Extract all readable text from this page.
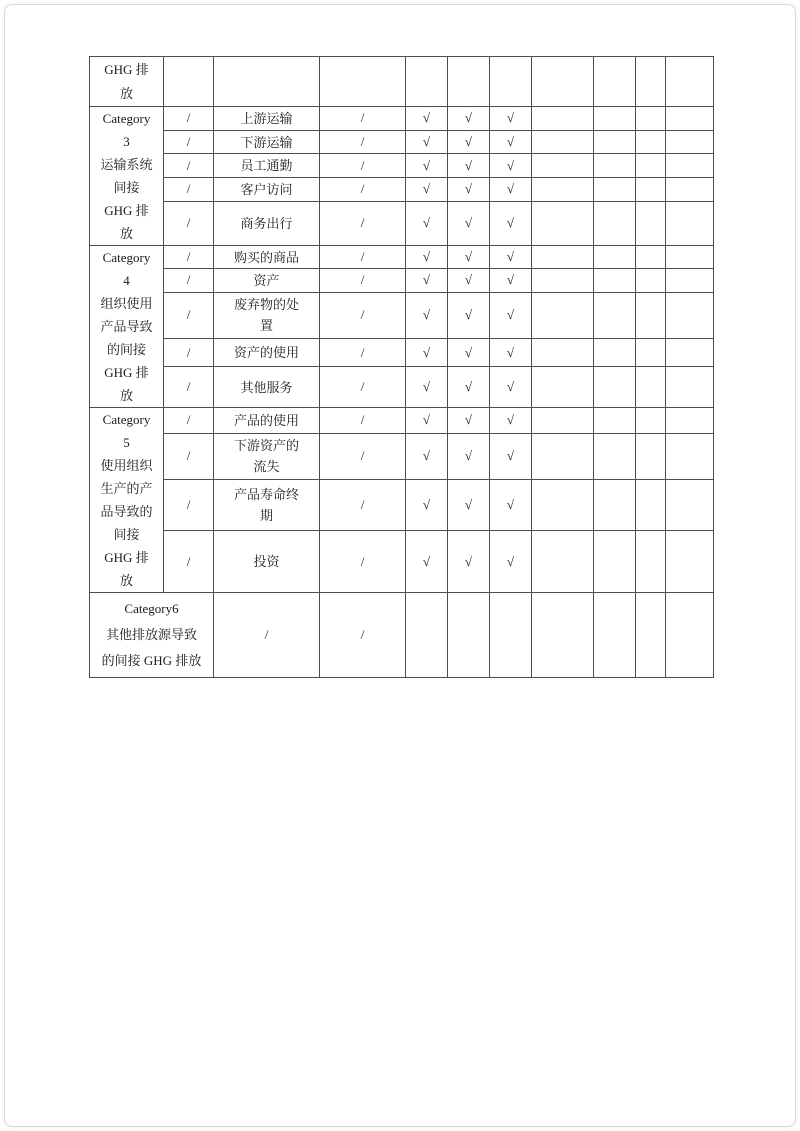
GHG 排
放										

Category
3
运输系统
间接
GHG 排
放
	/	上游运输	/	√	√	√				
	/	下游运输	/	√	√	√				
	/	员工通勤	/	√	√	√				
	/	客户访问	/	√	√	√				
	/	商务出行	/	√	√	√				

Category
4
组织使用
产品导致
的间接
GHG 排
放
	/	购买的商品	/	√	√	√				
	/	资产	/	√	√	√				
	/	废弃物的处
置	/	√	√	√				
	/	资产的使用	/	√	√	√				
	/	其他服务	/	√	√	√				

Category
5
使用组织
生产的产
品导致的
间接
GHG 排
放
	/	产品的使用	/	√	√	√				
	/	下游资产的
流失	/	√	√	√				
	/	产品寿命终
期	/	√	√	√				
	/	投资	/	√	√	√				

Category6
其他排放源导致
的间接 GHG 排放		/	/							
